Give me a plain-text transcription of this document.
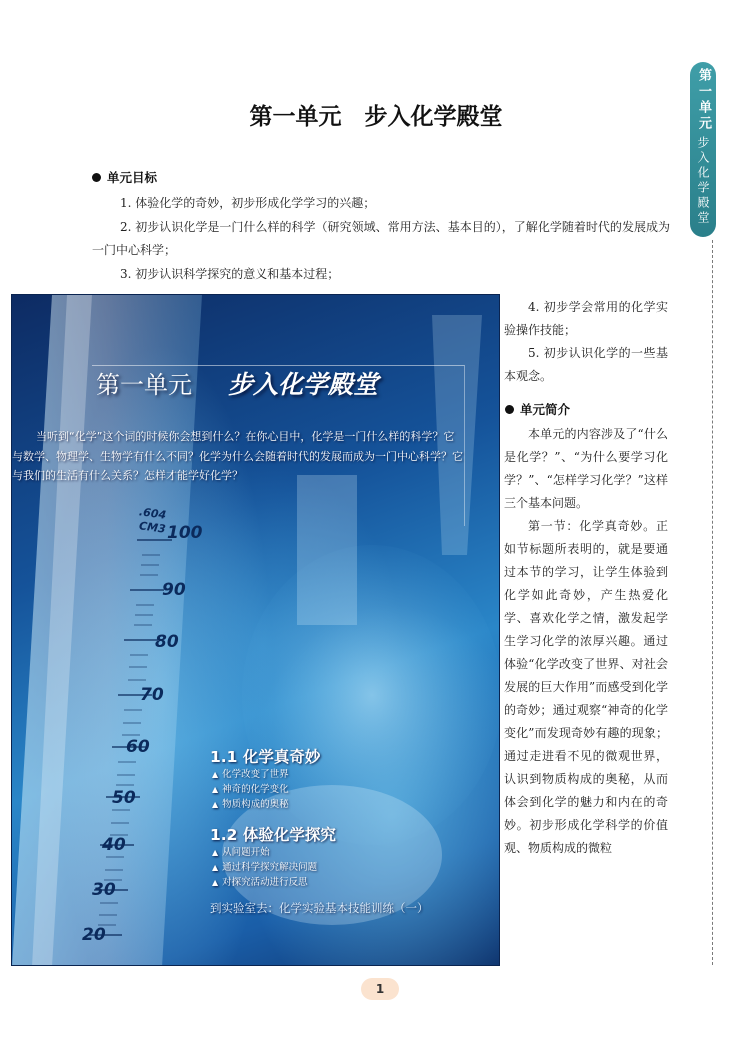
第一单元
步入化学殿堂
第一单元　步入化学殿堂
单元目标
1. 体验化学的奇妙，初步形成化学学习的兴趣；
2. 初步认识化学是一门什么样的科学（研究领域、常用方法、基本目的），了解化学随着时代的发展成为一门中心科学；
3. 初步认识科学探究的意义和基本过程；
.604
CM3 100
90
80
70
60
50
40
30
20
第一单元 步入化学殿堂
当听到“化学”这个词的时候你会想到什么？在你心目中，化学是一门什么样的科学？它与数学、物理学、生物学有什么不同？化学为什么会随着时代的发展而成为一门中心科学？它与我们的生活有什么关系？怎样才能学好化学？
1.1 化学真奇妙
▲ 化学改变了世界
▲ 神奇的化学变化
▲ 物质构成的奥秘
1.2 体验化学探究
▲ 从问题开始
▲ 通过科学探究解决问题
▲ 对探究活动进行反思
到实验室去：化学实验基本技能训练（一）

4. 初步学会常用的化学实验操作技能；

5. 初步认识化学的一些基本观念。

单元简介

本单元的内容涉及了“什么是化学？”、“为什么要学习化学？”、“怎样学习化学？”这样三个基本问题。

第一节：化学真奇妙。正如节标题所表明的，就是要通过本节的学习，让学生体验到化学如此奇妙，产生热爱化学、喜欢化学之情，激发起学生学习化学的浓厚兴趣。通过体验“化学改变了世界、对社会发展的巨大作用”而感受到化学的奇妙；通过观察“神奇的化学变化”而发现奇妙有趣的现象；通过走进看不见的微观世界，认识到物质构成的奥秘，从而体会到化学的魅力和内在的奇妙。初步形成化学科学的价值观、物质构成的微粒

1
